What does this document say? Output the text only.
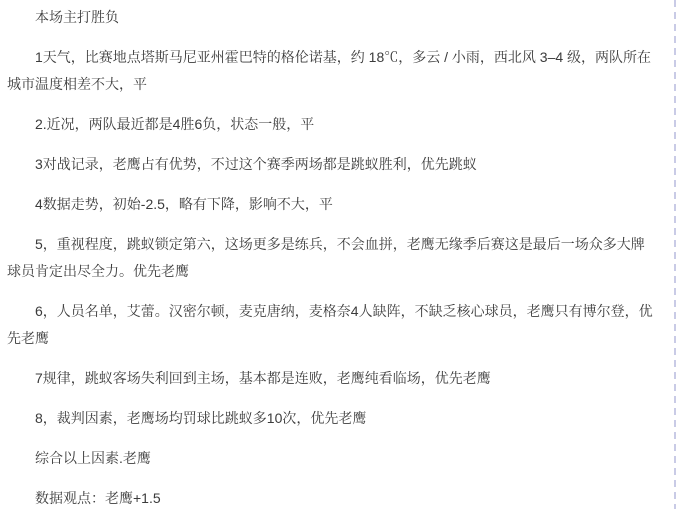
本场主打胜负

1天气，比赛地点塔斯马尼亚州霍巴特的格伦诺基，约 18℃，多云 / 小雨，西北风 3–4 级，两队所在城市温度相差不大，平

2.近况，两队最近都是4胜6负，状态一般，平

3对战记录，老鹰占有优势，不过这个赛季两场都是跳蚁胜利，优先跳蚁

4数据走势，初始-2.5，略有下降，影响不大，平

5，重视程度，跳蚁锁定第六，这场更多是练兵，不会血拼，老鹰无缘季后赛这是最后一场众多大牌球员肯定出尽全力。优先老鹰

6，人员名单，艾蕾。汉密尔顿，麦克唐纳，麦格奈4人缺阵，不缺乏核心球员，老鹰只有博尔登，优先老鹰

7规律，跳蚁客场失利回到主场，基本都是连败，老鹰纯看临场，优先老鹰

8，裁判因素，老鹰场均罚球比跳蚁多10次，优先老鹰

综合以上因素.老鹰

数据观点：老鹰+1.5
